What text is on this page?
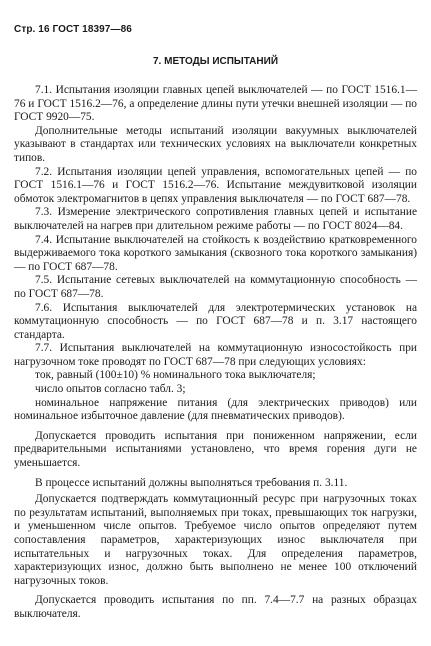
Стр. 16 ГОСТ 18397—86
7. МЕТОДЫ ИСПЫТАНИЙ

7.1. Испытания изоляции главных цепей выключателей — по ГОСТ 1516.1—76 и ГОСТ 1516.2—76, а определение длины пути утечки внешней изоляции — по ГОСТ 9920—75.

Дополнительные методы испытаний изоляции вакуумных выключателей указывают в стандартах или технических условиях на выключатели конкретных типов.

7.2. Испытания изоляции цепей управления, вспомогательных цепей — по ГОСТ 1516.1—76 и ГОСТ 1516.2—76. Испытание междувитковой изоляции обмоток электромагнитов в цепях управления выключателя — по ГОСТ 687—78.

7.3. Измерение электрического сопротивления главных цепей и испытание выключателей на нагрев при длительном режиме работы — по ГОСТ 8024—84.

7.4. Испытание выключателей на стойкость к воздействию кратковременного выдерживаемого тока короткого замыкания (сквозного тока короткого замыкания) — по ГОСТ 687—78.

7.5. Испытание сетевых выключателей на коммутационную способность — по ГОСТ 687—78.

7.6. Испытания выключателей для электротермических установок на коммутационную способность — по ГОСТ 687—78 и п. 3.17 настоящего стандарта.

7.7. Испытания выключателей на коммутационную износостойкость при нагрузочном токе проводят по ГОСТ 687—78 при следующих условиях:

ток, равный (100±10) % номинального тока выключателя;

число опытов согласно табл. 3;

номинальное напряжение питания (для электрических приводов) или номинальное избыточное давление (для пневматических приводов).

Допускается проводить испытания при пониженном напряжении, если предварительными испытаниями установлено, что время горения дуги не уменьшается.

В процессе испытаний должны выполняться требования п. 3.11.

Допускается подтверждать коммутационный ресурс при нагрузочных токах по результатам испытаний, выполняемых при токах, превышающих ток нагрузки, и уменьшенном числе опытов. Требуемое число опытов определяют путем сопоставления параметров, характеризующих износ выключателя при испытательных и нагрузочных токах. Для определения параметров, характеризующих износ, должно быть выполнено не менее 100 отключений нагрузочных токов.

Допускается проводить испытания по пп. 7.4—7.7 на разных образцах выключателя.
